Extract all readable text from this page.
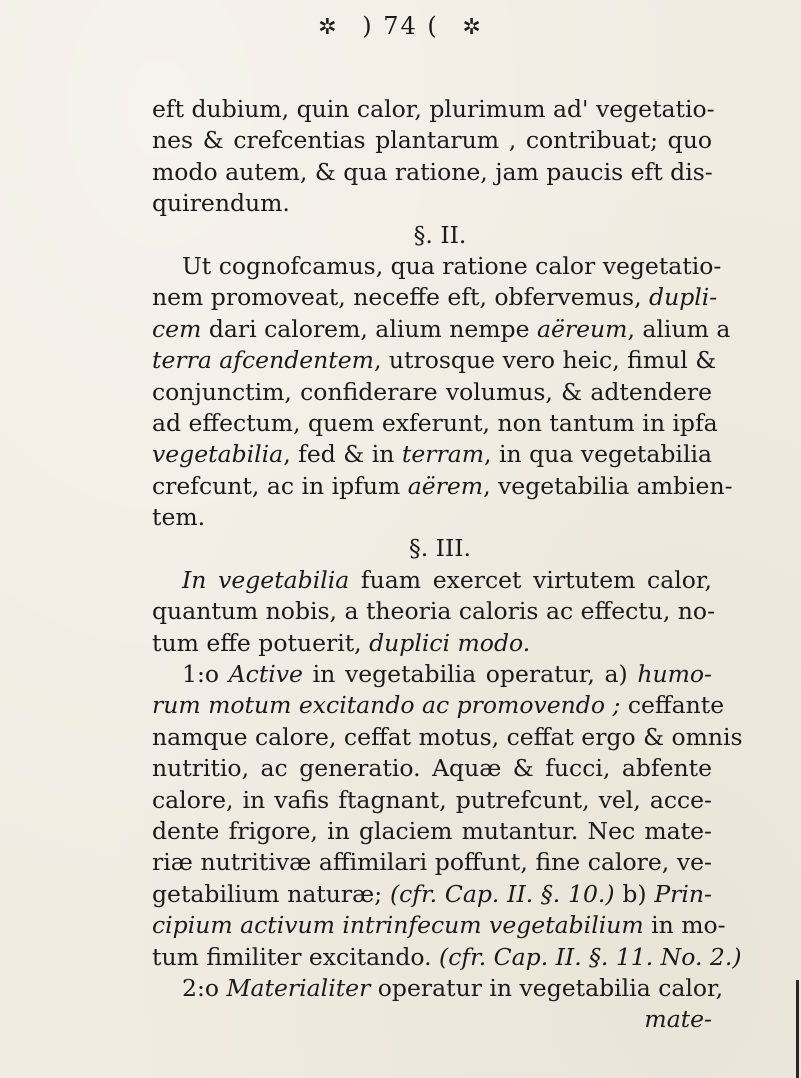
✲ ) 74 ( ✲
eft dubium, quin calor, plurimum ad' vegetatio-
nes & crefcentias plantarum , contribuat; quo
modo autem, & qua ratione, jam paucis eft dis-
quirendum.
§. II.
Ut cognofcamus, qua ratione calor vegetatio-
nem promoveat, neceffe eft, obfervemus, dupli-
cem dari calorem, alium nempe aëreum, alium a
terra afcendentem, utrosque vero heic, fimul &
conjunctim, confiderare volumus, & adtendere
ad effectum, quem exferunt, non tantum in ipfa
vegetabilia, fed & in terram, in qua vegetabilia
crefcunt, ac in ipfum aërem, vegetabilia ambien-
tem.
§. III.
In vegetabilia fuam exercet virtutem calor,
quantum nobis, a theoria caloris ac effectu, no-
tum effe potuerit, duplici modo.
1:o Active in vegetabilia operatur, a) humo-
rum motum excitando ac promovendo ; ceffante
namque calore, ceffat motus, ceffat ergo & omnis
nutritio, ac generatio. Aquæ & fucci, abfente
calore, in vafis ftagnant, putrefcunt, vel, acce-
dente frigore, in glaciem mutantur. Nec mate-
riæ nutritivæ affimilari poffunt, fine calore, ve-
getabilium naturæ; (cfr. Cap. II. §. 10.) b) Prin-
cipium activum intrinfecum vegetabilium in mo-
tum fimiliter excitando. (cfr. Cap. II. §. 11. No. 2.)
2:o Materialiter operatur in vegetabilia calor,
mate-
